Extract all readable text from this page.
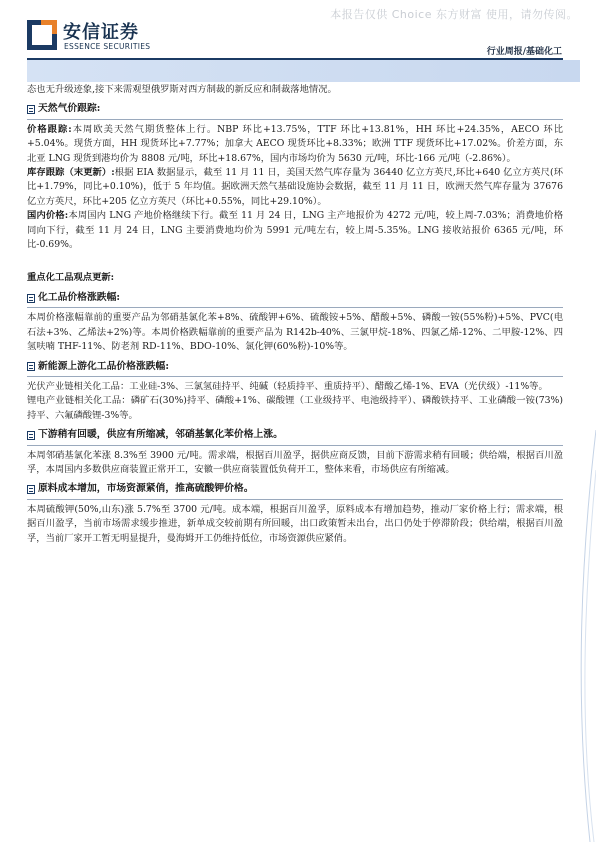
本报告仅供 Choice 东方财富 使用，请勿传阅。
安信证券
ESSENCE SECURITIES
行业周报/基础化工

态也无升级迹象,接下来需观望俄罗斯对西方制裁的新反应和制裁落地情况。

天然气价跟踪:

价格跟踪:本周欧美天然气期货整体上行。NBP 环比+13.75%，TTF 环比+13.81%，HH 环比+24.35%，AECO 环比+5.04%。现货方面，HH 现货环比+7.77%；加拿大 AECO 现货环比+8.33%；欧洲 TTF 现货环比+17.02%。价差方面，东北亚 LNG 现货到港均价为 8808 元/吨，环比+18.67%，国内市场均价为 5630 元/吨，环比-166 元/吨（-2.86%）。

库存跟踪（末更新）:根据 EIA 数据显示，截至 11 月 11 日，美国天然气库存量为 36440 亿立方英尺,环比+640 亿立方英尺(环比+1.79%，同比+0.10%)，低于 5 年均值。据欧洲天然气基础设施协会数据，截至 11 月 11 日，欧洲天然气库存量为 37676 亿立方英尺，环比+205 亿立方英尺（环比+0.55%，同比+29.10%）。

国内价格:本周国内 LNG 产地价格继续下行。截至 11 月 24 日，LNG 主产地报价为 4272 元/吨，较上周-7.03%；消费地价格同向下行，截至 11 月 24 日，LNG 主要消费地均价为 5991 元/吨左右，较上周-5.35%。LNG 接收站报价 6365 元/吨，环比-0.69%。

重点化工品观点更新:

化工品价格涨跌幅:

本周价格涨幅靠前的重要产品为邻硝基氯化苯+8%、硫酸钾+6%、硫酸铵+5%、醋酸+5%、磷酸一铵(55%粉)+5%、PVC(电石法+3%、乙烯法+2%)等。本周价格跌幅靠前的重要产品为 R142b-40%、三氯甲烷-18%、四氯乙烯-12%、二甲胺-12%、四氢呋喃 THF-11%、防老剂 RD-11%、BDO-10%、氯化钾(60%粉)-10%等。

新能源上游化工品价格涨跌幅:

光伏产业链相关化工品：工业硅-3%、三氯氢硅持平、纯碱（轻质持平、重质持平）、醋酸乙烯-1%、EVA（光伏级）-11%等。

锂电产业链相关化工品：磷矿石(30%)持平、磷酸+1%、碳酸锂（工业级持平、电池级持平）、磷酸铁持平、工业磷酸一铵(73%)持平、六氟磷酸锂-3%等。

下游稍有回暖，供应有所缩减，邻硝基氯化苯价格上涨。

本周邻硝基氯化苯涨 8.3%至 3900 元/吨。需求端，根据百川盈孚，据供应商反馈，目前下游需求稍有回暖；供给端，根据百川盈孚，本周国内多数供应商装置正常开工，安徽一供应商装置低负荷开工，整体来看，市场供应有所缩减。

原料成本增加，市场资源紧俏，推高硫酸钾价格。

本周硫酸钾(50%,山东)涨 5.7%至 3700 元/吨。成本端，根据百川盈孚，原料成本有增加趋势，推动厂家价格上行；需求端，根据百川盈孚，当前市场需求缓步推进，新单成交较前期有所回暖，出口政策暂未出台，出口仍处于停滞阶段；供给端，根据百川盈孚，当前厂家开工暂无明显提升，曼海姆开工仍维持低位，市场资源供应紧俏。
